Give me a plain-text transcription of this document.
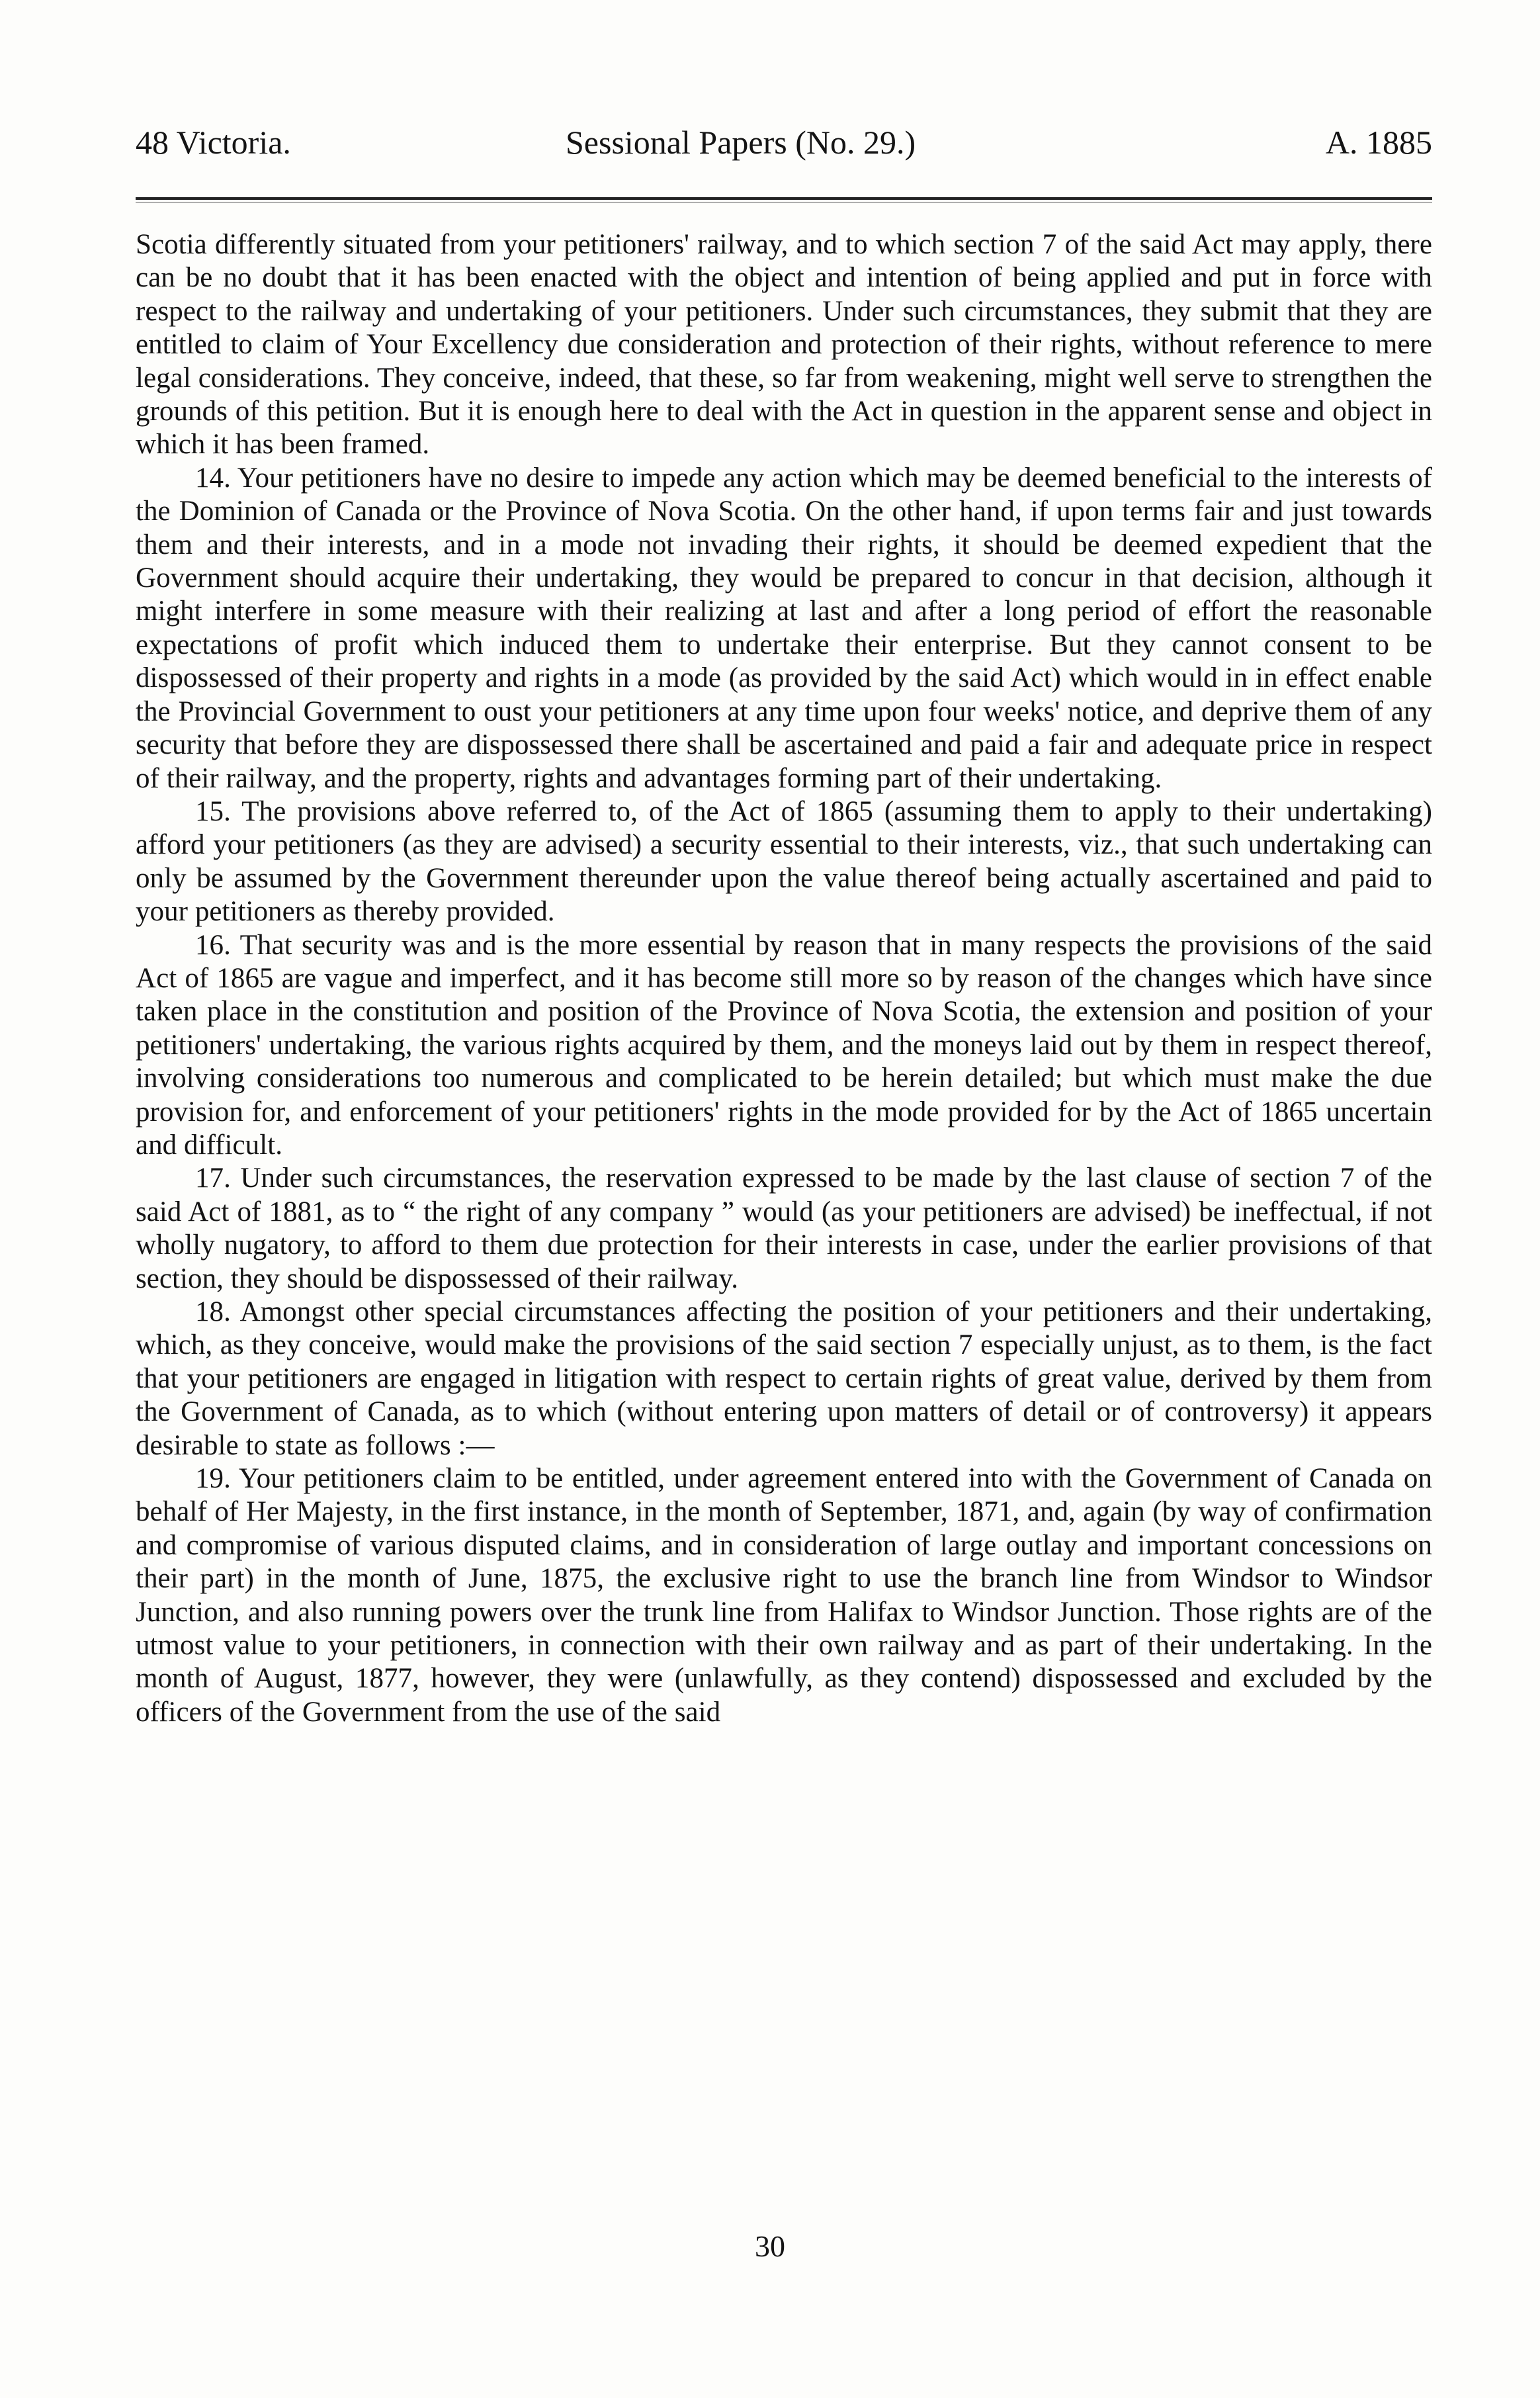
48 Victoria.	Sessional Papers (No. 29.)	A. 1885

Scotia differently situated from your petitioners' railway, and to which section 7 of the said Act may apply, there can be no doubt that it has been enacted with the object and intention of being applied and put in force with respect to the railway and undertaking of your petitioners. Under such circumstances, they submit that they are entitled to claim of Your Excellency due consideration and protection of their rights, without reference to mere legal considerations. They conceive, indeed, that these, so far from weakening, might well serve to strengthen the grounds of this petition. But it is enough here to deal with the Act in question in the apparent sense and object in which it has been framed.

14. Your petitioners have no desire to impede any action which may be deemed beneficial to the interests of the Dominion of Canada or the Province of Nova Scotia. On the other hand, if upon terms fair and just towards them and their interests, and in a mode not invading their rights, it should be deemed expedient that the Government should acquire their undertaking, they would be prepared to concur in that decision, although it might interfere in some measure with their realizing at last and after a long period of effort the reasonable expectations of profit which induced them to undertake their enterprise. But they cannot consent to be dispossessed of their property and rights in a mode (as provided by the said Act) which would in in effect enable the Provincial Government to oust your petitioners at any time upon four weeks' notice, and deprive them of any security that before they are dispossessed there shall be ascertained and paid a fair and adequate price in respect of their railway, and the property, rights and advantages forming part of their undertaking.

15. The provisions above referred to, of the Act of 1865 (assuming them to apply to their undertaking) afford your petitioners (as they are advised) a security essential to their interests, viz., that such undertaking can only be assumed by the Government thereunder upon the value thereof being actually ascertained and paid to your petitioners as thereby provided.

16. That security was and is the more essential by reason that in many respects the provisions of the said Act of 1865 are vague and imperfect, and it has become still more so by reason of the changes which have since taken place in the constitution and position of the Province of Nova Scotia, the extension and position of your petitioners' undertaking, the various rights acquired by them, and the moneys laid out by them in respect thereof, involving considerations too numerous and complicated to be herein detailed; but which must make the due provision for, and enforcement of your petitioners' rights in the mode provided for by the Act of 1865 uncertain and difficult.

17. Under such circumstances, the reservation expressed to be made by the last clause of section 7 of the said Act of 1881, as to “ the right of any company ” would (as your petitioners are advised) be ineffectual, if not wholly nugatory, to afford to them due protection for their interests in case, under the earlier provisions of that section, they should be dispossessed of their railway.

18. Amongst other special circumstances affecting the position of your petitioners and their undertaking, which, as they conceive, would make the provisions of the said section 7 especially unjust, as to them, is the fact that your petitioners are engaged in litigation with respect to certain rights of great value, derived by them from the Government of Canada, as to which (without entering upon matters of detail or of controversy) it appears desirable to state as follows :—

19. Your petitioners claim to be entitled, under agreement entered into with the Government of Canada on behalf of Her Majesty, in the first instance, in the month of September, 1871, and, again (by way of confirmation and compromise of various disputed claims, and in consideration of large outlay and important concessions on their part) in the month of June, 1875, the exclusive right to use the branch line from Windsor to Windsor Junction, and also running powers over the trunk line from Halifax to Windsor Junction. Those rights are of the utmost value to your petitioners, in connection with their own railway and as part of their undertaking. In the month of August, 1877, however, they were (unlawfully, as they contend) dispossessed and excluded by the officers of the Government from the use of the said

30
